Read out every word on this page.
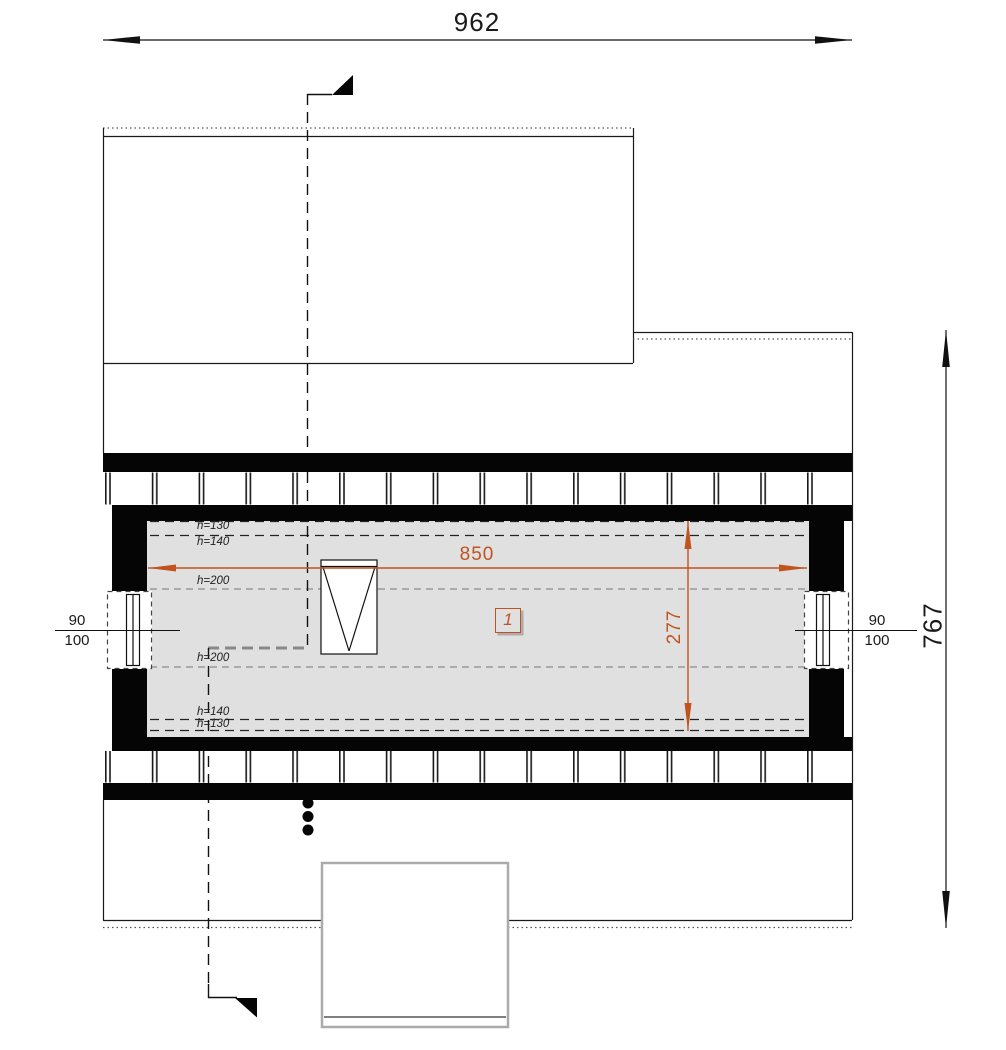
962
767
850
277
1
h=130
h=140
h=200
h=200
h=140
h=130
90
100
90
100
